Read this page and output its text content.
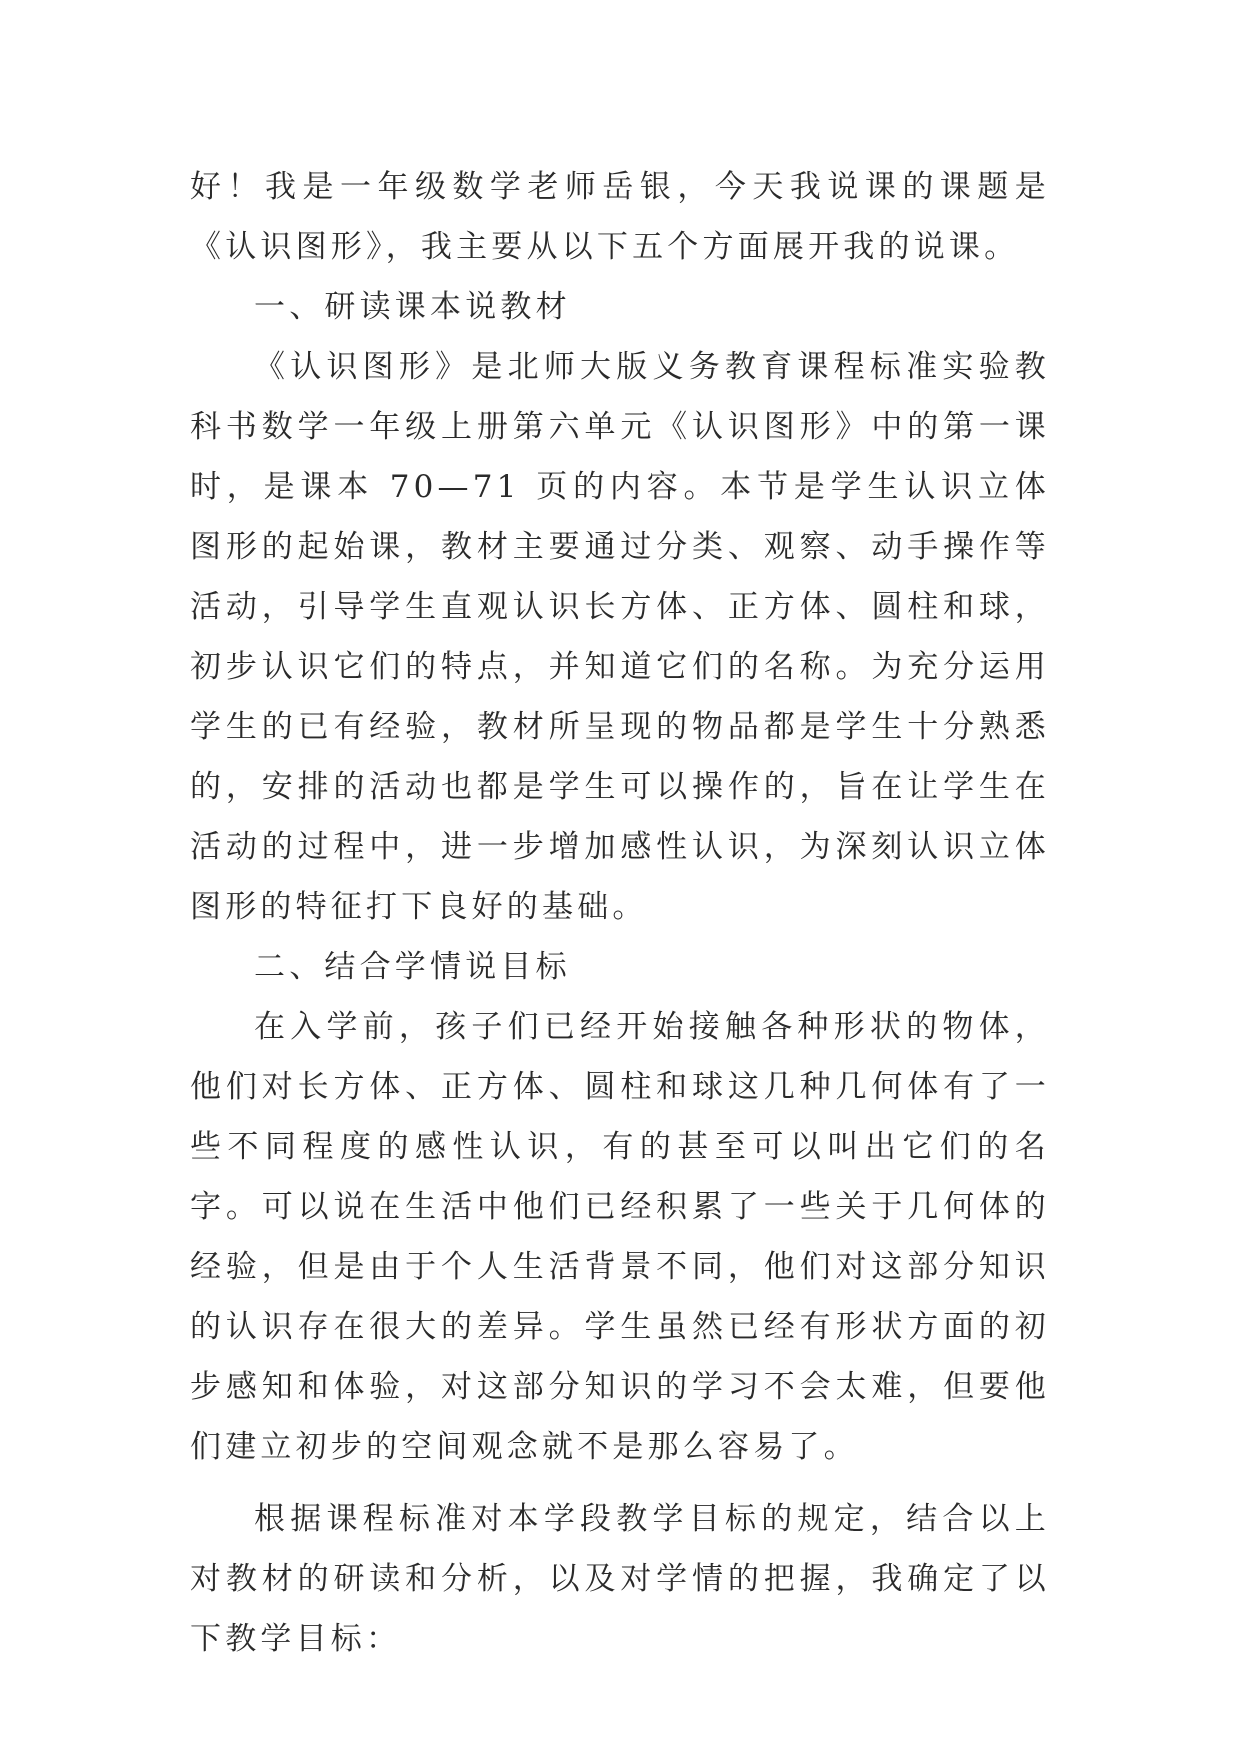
好！我是一年级数学老师岳银，今天我说课的课题是《认识图形》，我主要从以下五个方面展开我的说课。

一、研读课本说教材

《认识图形》是北师大版义务教育课程标准实验教科书数学一年级上册第六单元《认识图形》中的第一课时，是课本 70—71 页的内容。本节是学生认识立体图形的起始课，教材主要通过分类、观察、动手操作等活动，引导学生直观认识长方体、正方体、圆柱和球，初步认识它们的特点，并知道它们的名称。为充分运用学生的已有经验，教材所呈现的物品都是学生十分熟悉的，安排的活动也都是学生可以操作的，旨在让学生在活动的过程中，进一步增加感性认识，为深刻认识立体图形的特征打下良好的基础。

二、结合学情说目标

在入学前，孩子们已经开始接触各种形状的物体，他们对长方体、正方体、圆柱和球这几种几何体有了一些不同程度的感性认识，有的甚至可以叫出它们的名字。可以说在生活中他们已经积累了一些关于几何体的经验，但是由于个人生活背景不同，他们对这部分知识的认识存在很大的差异。学生虽然已经有形状方面的初步感知和体验，对这部分知识的学习不会太难，但要他们建立初步的空间观念就不是那么容易了。

根据课程标准对本学段教学目标的规定，结合以上对教材的研读和分析，以及对学情的把握，我确定了以下教学目标：
